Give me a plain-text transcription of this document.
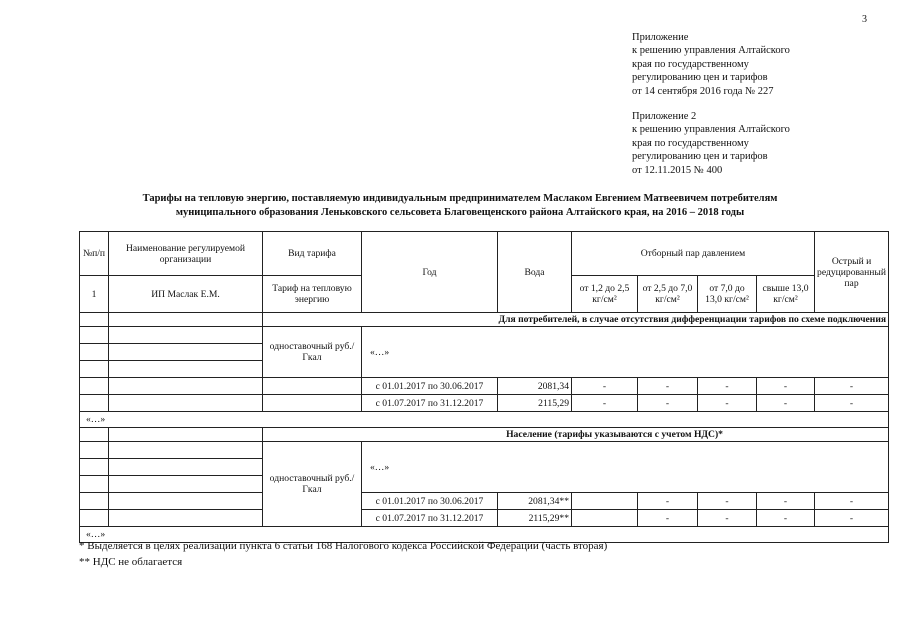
3
Приложение
к решению управления Алтайского
края по государственному
регулированию цен и тарифов
от 14 сентября 2016 года № 227
Приложение 2
к решению управления Алтайского
края по государственному
регулированию цен и тарифов
от 12.11.2015 № 400
Тарифы на тепловую энергию, поставляемую индивидуальным предпринимателем Маслаком Евгением Матвеевичем потребителям
муниципального образования Леньковского сельсовета Благовещенского района Алтайского края, на 2016 – 2018 годы
№п/п	Наименование регулируемой организации	Вид тарифа	Год	Вода	Отборный пар давлением				Острый и редуцированный пар
1	ИП Маслак Е.М.	Тариф на тепловую энергию			от 1,2 до 2,5 кг/см²	от 2,5 до 7,0 кг/см²	от 7,0 до 13,0 кг/см²	свыше 13,0 кг/см²	
		Для потребителей, в случае отсутствия дифференциации тарифов по схеме подключения							
		одноставочный руб./Гкал	«…»						

			с 01.01.2017 по 30.06.2017	2081,34	-	-	-	-	-
			с 01.07.2017 по 31.12.2017	2115,29	-	-	-	-	-
«…»									
		Население (тарифы указываются с учетом НДС)*							
		одноставочный руб./Гкал	«…»						

			с 01.01.2017 по 30.06.2017	2081,34**		-	-	-	-
			с 01.07.2017 по 31.12.2017	2115,29**		-	-	-	-
«…»									
* Выделяется в целях реализации пункта 6 статьи 168 Налогового кодекса Российской Федерации (часть вторая)
** НДС не облагается
